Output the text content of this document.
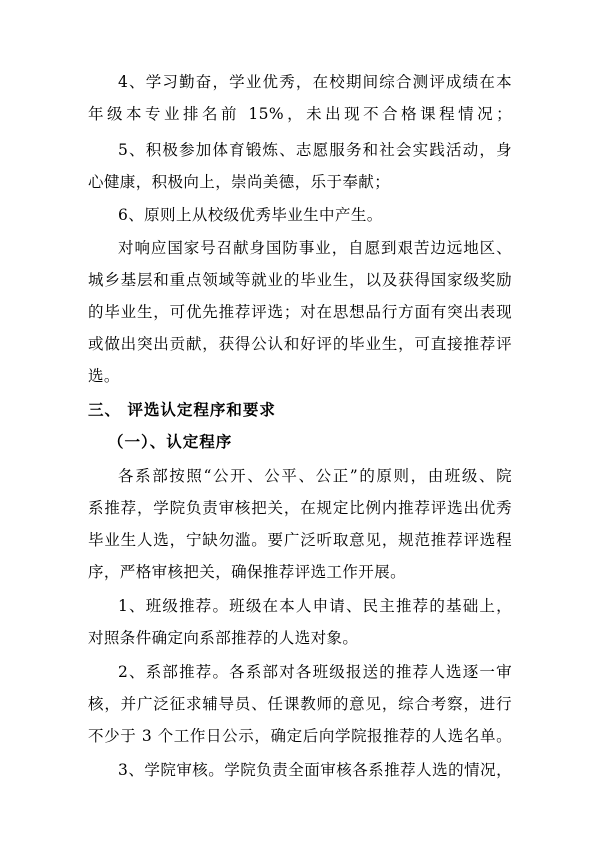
4、学习勤奋，学业优秀，在校期间综合测评成绩在本
年级本专业排名前 15%，未出现不合格课程情况；
5、积极参加体育锻炼、志愿服务和社会实践活动，身
心健康，积极向上，崇尚美德，乐于奉献；
6、原则上从校级优秀毕业生中产生。
对响应国家号召献身国防事业，自愿到艰苦边远地区、
城乡基层和重点领域等就业的毕业生，以及获得国家级奖励
的毕业生，可优先推荐评选；对在思想品行方面有突出表现
或做出突出贡献，获得公认和好评的毕业生，可直接推荐评
选。
三、 评选认定程序和要求
（一）、认定程序
各系部按照“公开、公平、公正”的原则，由班级、院
系推荐，学院负责审核把关，在规定比例内推荐评选出优秀
毕业生人选，宁缺勿滥。要广泛听取意见，规范推荐评选程
序，严格审核把关，确保推荐评选工作开展。
1、班级推荐。班级在本人申请、民主推荐的基础上，
对照条件确定向系部推荐的人选对象。
2、系部推荐。各系部对各班级报送的推荐人选逐一审
核，并广泛征求辅导员、任课教师的意见，综合考察，进行
不少于 3 个工作日公示，确定后向学院报推荐的人选名单。
3、学院审核。学院负责全面审核各系推荐人选的情况，
